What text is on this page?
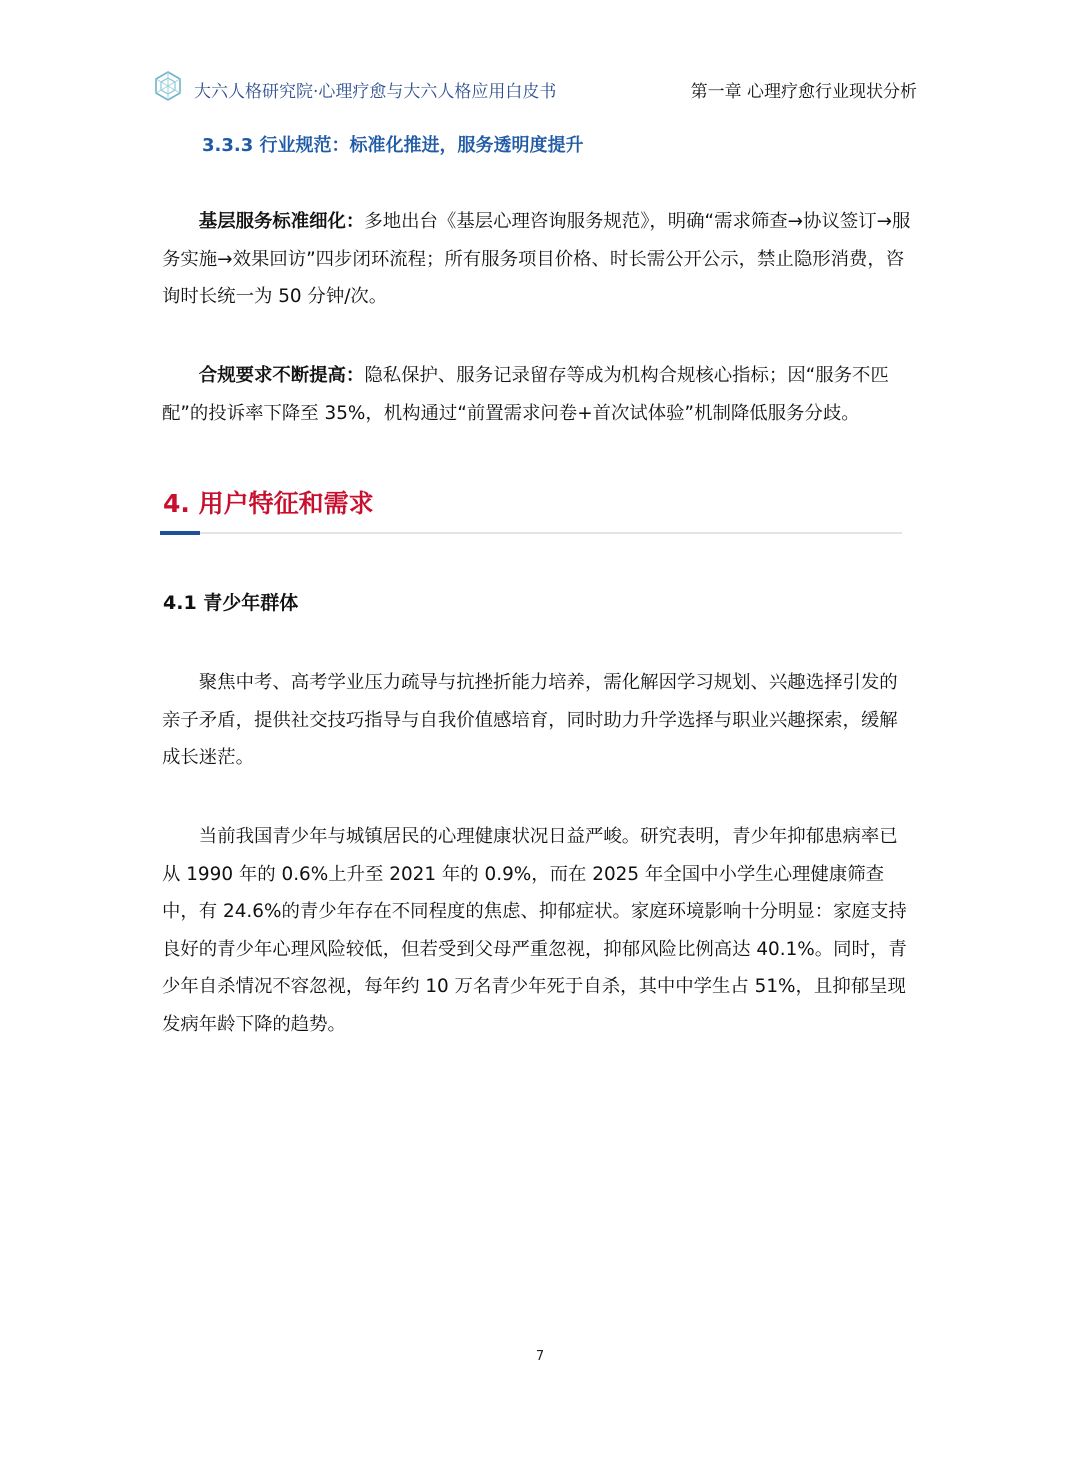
大六人格研究院·心理疗愈与大六人格应用白皮书	第一章 心理疗愈行业现状分析
3.3.3 行业规范：标准化推进，服务透明度提升

基层服务标准细化：多地出台《基层心理咨询服务规范》，明确“需求筛查→协议签订→服务实施→效果回访”四步闭环流程；所有服务项目价格、时长需公开公示，禁止隐形消费，咨询时长统一为 50 分钟/次。

合规要求不断提高：隐私保护、服务记录留存等成为机构合规核心指标；因“服务不匹配”的投诉率下降至 35%，机构通过“前置需求问卷+首次试体验”机制降低服务分歧。

4. 用户特征和需求
4.1 青少年群体

聚焦中考、高考学业压力疏导与抗挫折能力培养，需化解因学习规划、兴趣选择引发的亲子矛盾，提供社交技巧指导与自我价值感培育，同时助力升学选择与职业兴趣探索，缓解成长迷茫。

当前我国青少年与城镇居民的心理健康状况日益严峻。研究表明，青少年抑郁患病率已从 1990 年的 0.6%上升至 2021 年的 0.9%，而在 2025 年全国中小学生心理健康筛查中，有 24.6%的青少年存在不同程度的焦虑、抑郁症状。家庭环境影响十分明显：家庭支持良好的青少年心理风险较低，但若受到父母严重忽视，抑郁风险比例高达 40.1%。同时，青少年自杀情况不容忽视，每年约 10 万名青少年死于自杀，其中中学生占 51%，且抑郁呈现发病年龄下降的趋势。

7
